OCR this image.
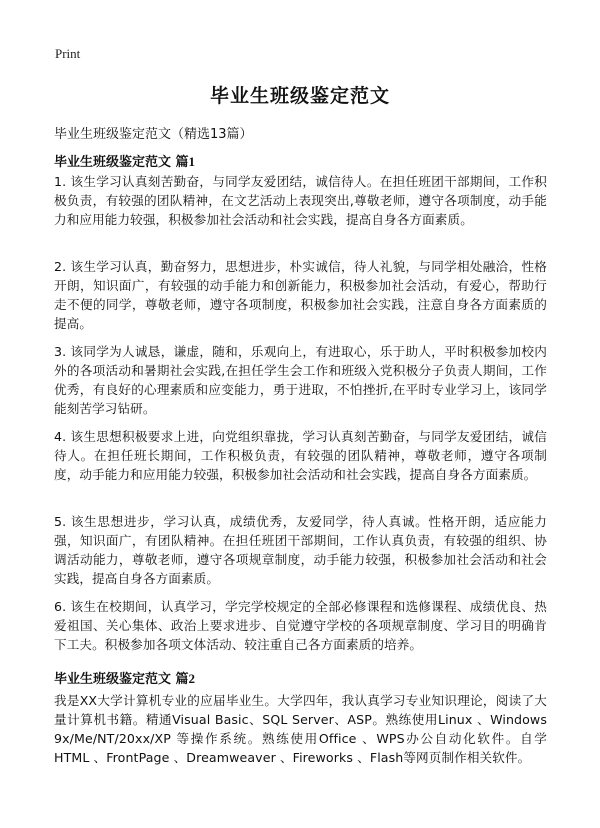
Print
毕业生班级鉴定范文
毕业生班级鉴定范文（精选13篇）
毕业生班级鉴定范文 篇1

1. 该生学习认真刻苦勤奋，与同学友爱团结，诚信待人。在担任班团干部期间，工作积极负责，有较强的团队精神，在文艺活动上表现突出,尊敬老师，遵守各项制度，动手能力和应用能力较强，积极参加社会活动和社会实践，提高自身各方面素质。

2. 该生学习认真，勤奋努力，思想进步，朴实诚信，待人礼貌，与同学相处融洽，性格开朗，知识面广，有较强的动手能力和创新能力，积极参加社会活动，有爱心，帮助行走不便的同学，尊敬老师，遵守各项制度，积极参加社会实践，注意自身各方面素质的提高。

3. 该同学为人诚恳，谦虚，随和，乐观向上，有进取心，乐于助人，平时积极参加校内外的各项活动和暑期社会实践,在担任学生会工作和班级入党积极分子负责人期间，工作优秀，有良好的心理素质和应变能力，勇于进取，不怕挫折,在平时专业学习上，该同学能刻苦学习钻研。

4. 该生思想积极要求上进，向党组织靠拢，学习认真刻苦勤奋，与同学友爱团结，诚信待人。在担任班长期间，工作积极负责，有较强的团队精神，尊敬老师，遵守各项制度，动手能力和应用能力较强，积极参加社会活动和社会实践，提高自身各方面素质。

5. 该生思想进步，学习认真，成绩优秀，友爱同学，待人真诚。性格开朗，适应能力强，知识面广，有团队精神。在担任班团干部期间，工作认真负责，有较强的组织、协调活动能力，尊敬老师，遵守各项规章制度，动手能力较强，积极参加社会活动和社会实践，提高自身各方面素质。

6. 该生在校期间，认真学习，学完学校规定的全部必修课程和选修课程、成绩优良、热爱祖国、关心集体、政治上要求进步、自觉遵守学校的各项规章制度、学习目的明确肯下工夫。积极参加各项文体活动、较注重自己各方面素质的培养。

毕业生班级鉴定范文 篇2

我是XX大学计算机专业的应届毕业生。大学四年，我认真学习专业知识理论，阅读了大量计算机书籍。精通Visual Basic、SQL Server、ASP。熟练使用Linux 、Windows 9x/Me/NT/20xx/XP 等操作系统。熟练使用Office 、WPS办公自动化软件。自学HTML 、FrontPage 、Dreamweaver 、Fireworks 、Flash等网页制作相关软件。
